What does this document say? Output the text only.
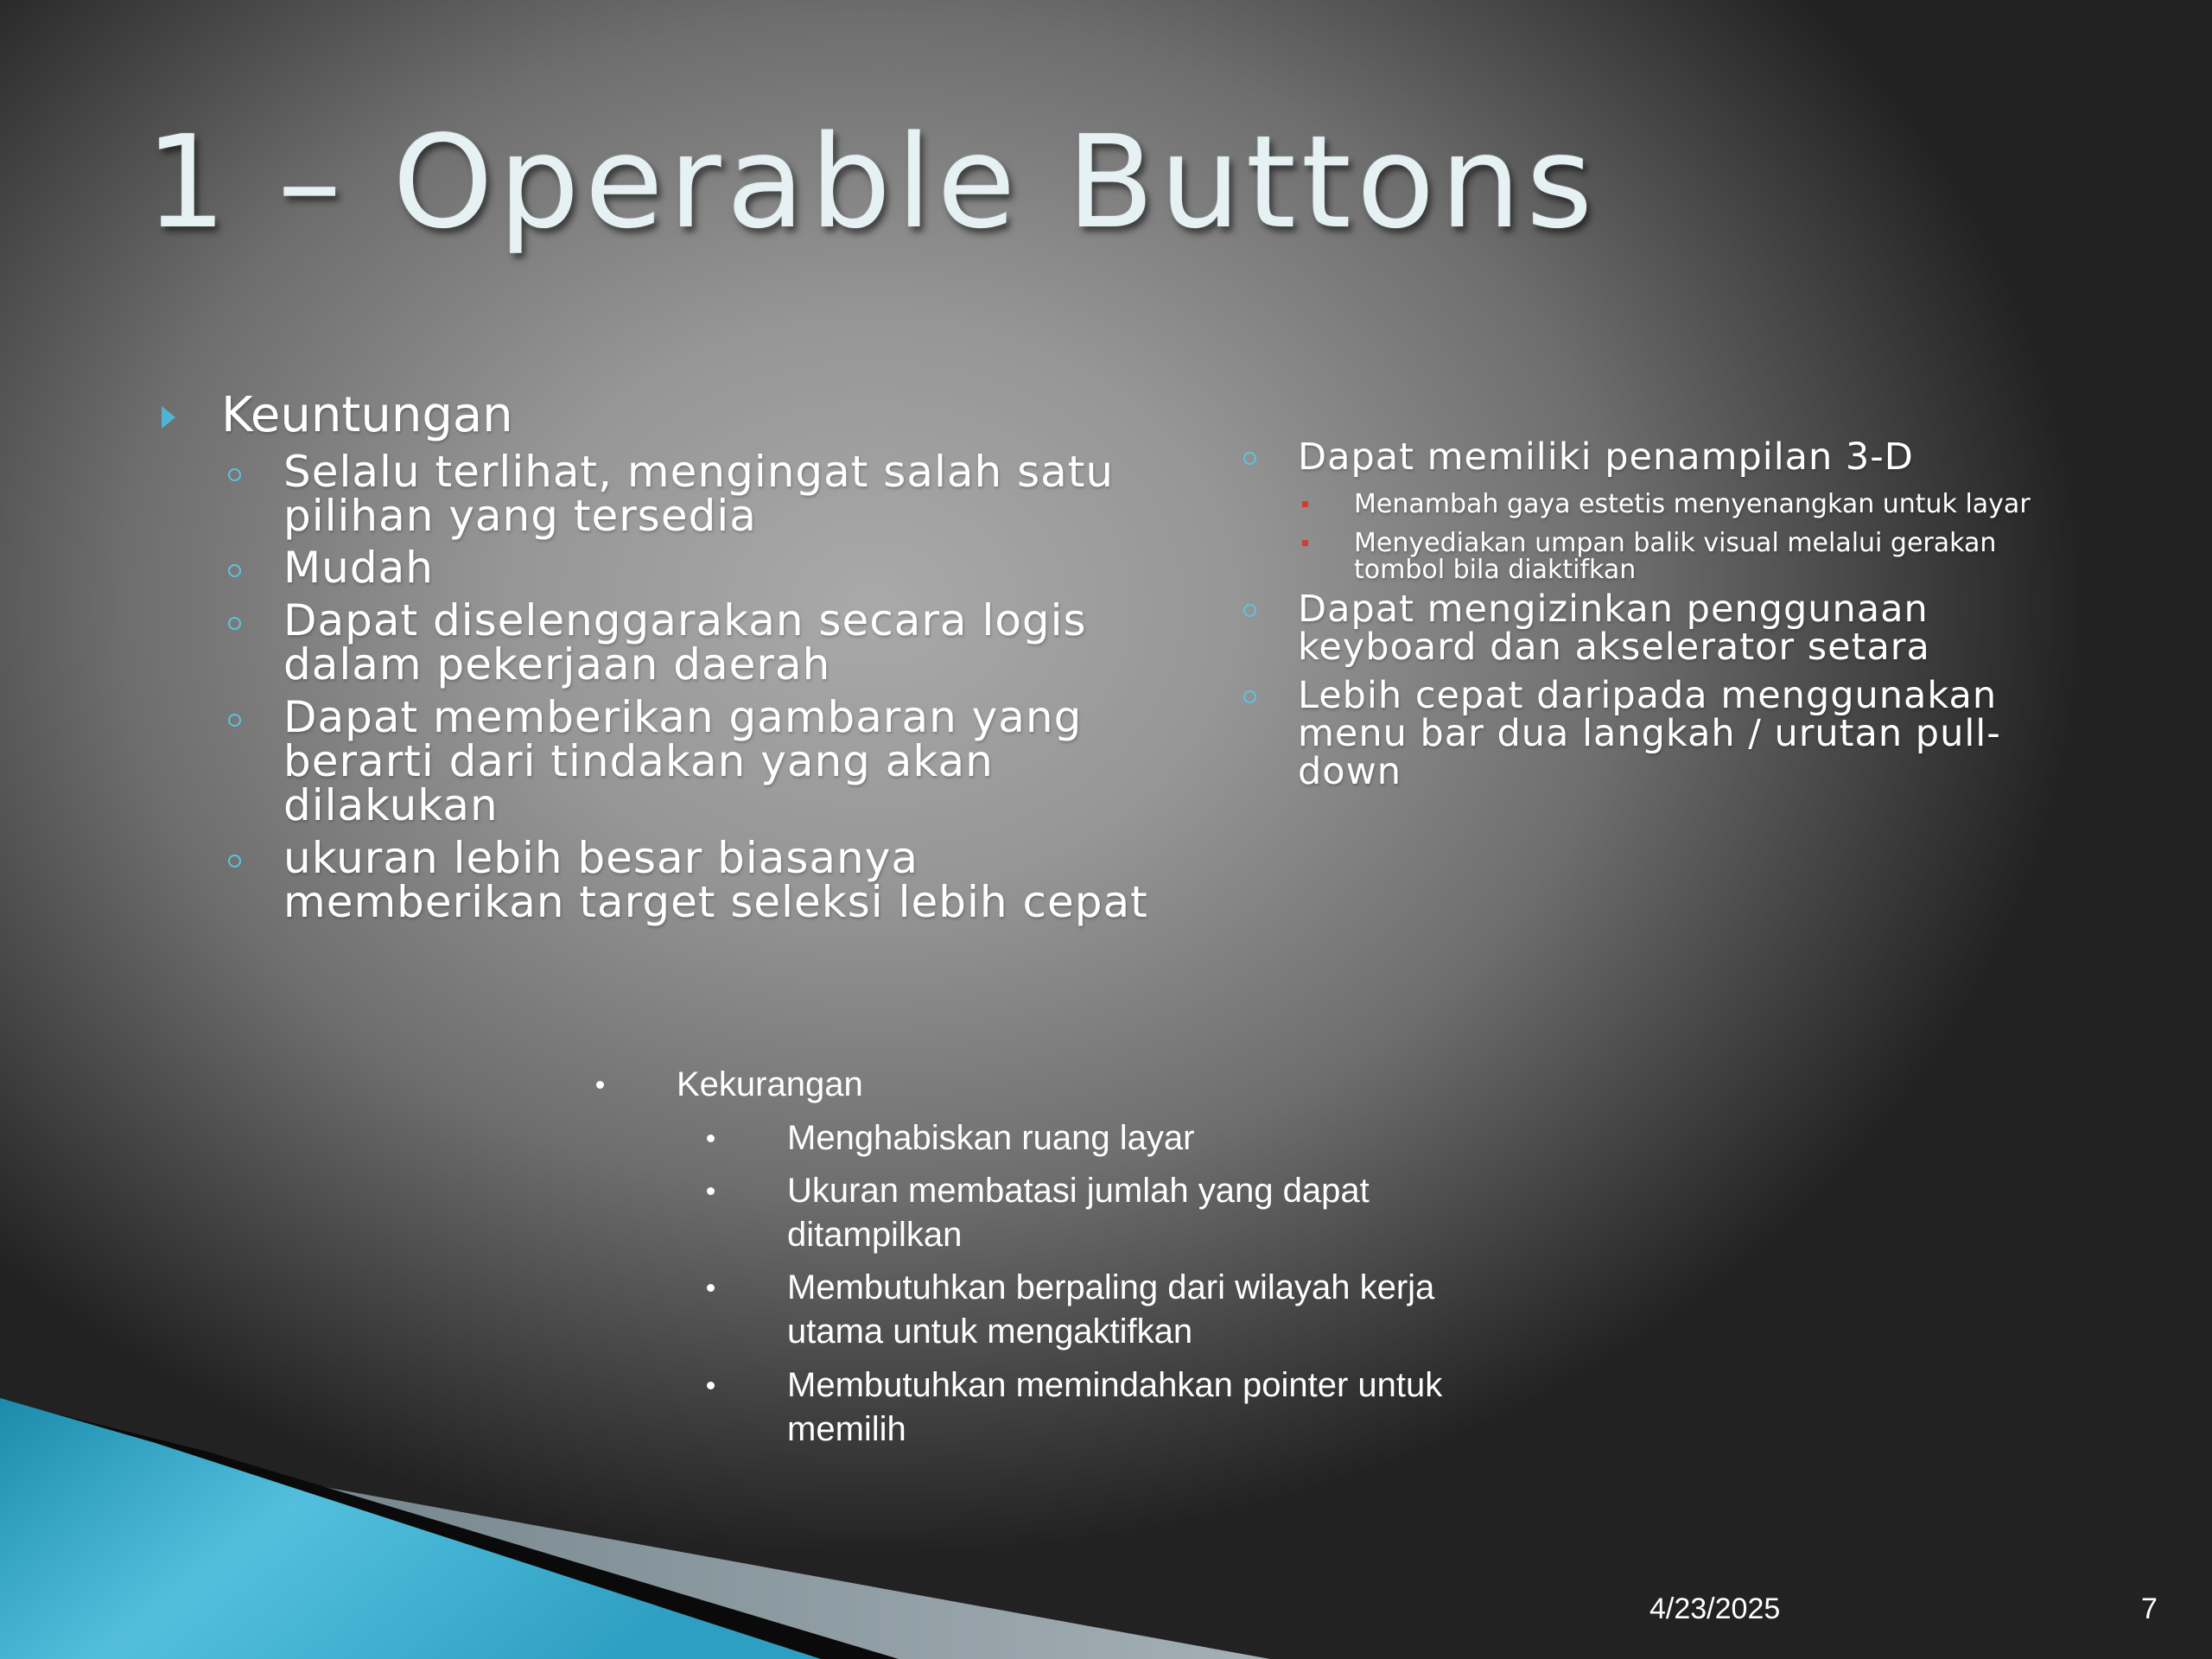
1 – Operable Buttons
Keuntungan
Selalu terlihat, mengingat salah satu
pilihan yang tersedia
Mudah
Dapat diselenggarakan secara logis
dalam pekerjaan daerah
Dapat memberikan gambaran yang
berarti dari tindakan yang akan
dilakukan
ukuran lebih besar biasanya
memberikan target seleksi lebih cepat
Dapat memiliki penampilan 3-D
Menambah gaya estetis menyenangkan untuk layar
Menyediakan umpan balik visual melalui gerakan
tombol bila diaktifkan
Dapat mengizinkan penggunaan
keyboard dan akselerator setara
Lebih cepat daripada menggunakan
menu bar dua langkah / urutan pull-
down
Kekurangan
Menghabiskan ruang layar
Ukuran membatasi jumlah yang dapat
ditampilkan
Membutuhkan berpaling dari wilayah kerja
utama untuk mengaktifkan
Membutuhkan memindahkan pointer untuk
memilih
4/23/2025	7
